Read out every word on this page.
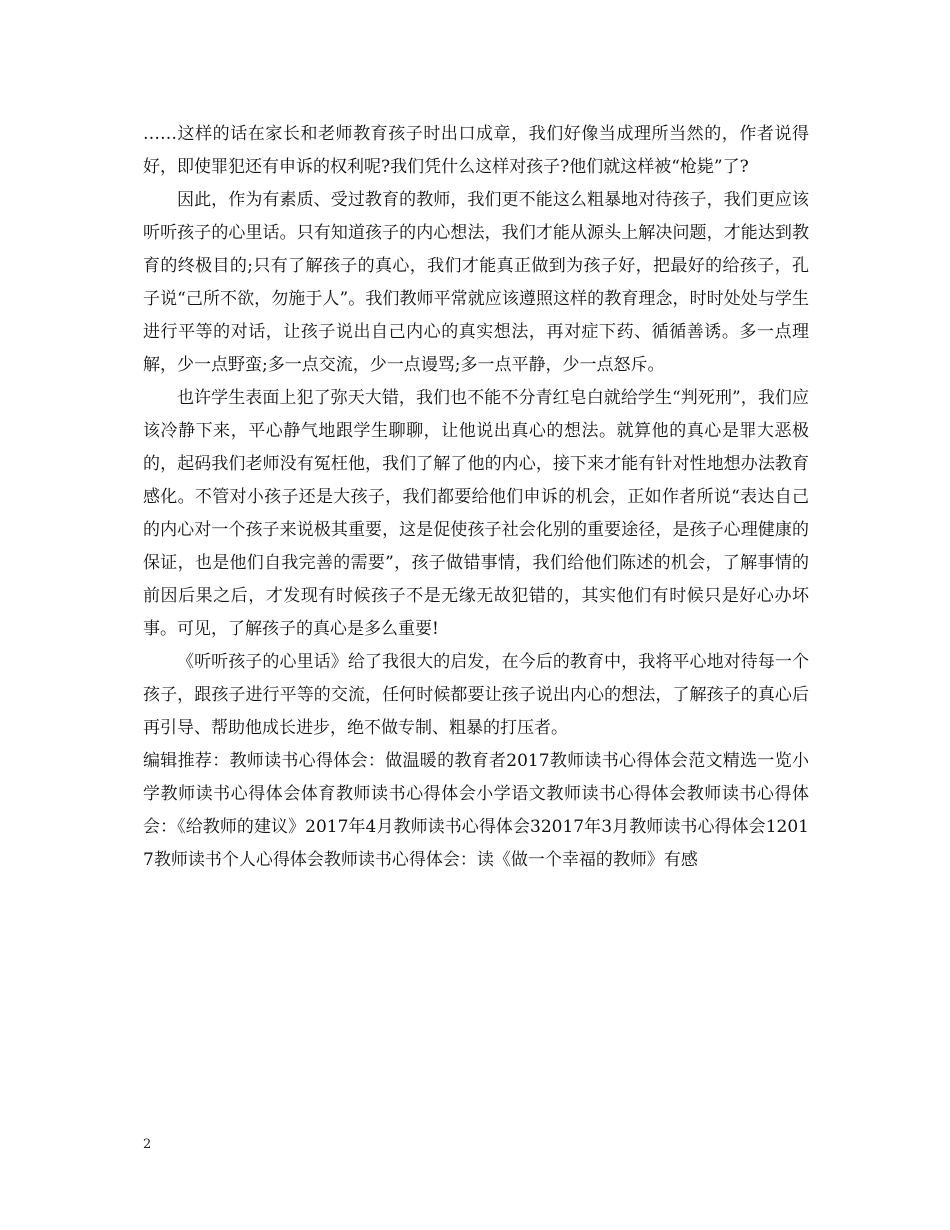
……这样的话在家长和老师教育孩子时出口成章，我们好像当成理所当然的，作者说得好，即使罪犯还有申诉的权利呢?我们凭什么这样对孩子?他们就这样被“枪毙”了?

因此，作为有素质、受过教育的教师，我们更不能这么粗暴地对待孩子，我们更应该听听孩子的心里话。只有知道孩子的内心想法，我们才能从源头上解决问题，才能达到教育的终极目的;只有了解孩子的真心，我们才能真正做到为孩子好，把最好的给孩子，孔子说“己所不欲，勿施于人”。我们教师平常就应该遵照这样的教育理念，时时处处与学生进行平等的对话，让孩子说出自己内心的真实想法，再对症下药、循循善诱。多一点理解，少一点野蛮;多一点交流，少一点谩骂;多一点平静，少一点怒斥。

也许学生表面上犯了弥天大错，我们也不能不分青红皂白就给学生“判死刑”，我们应该冷静下来，平心静气地跟学生聊聊，让他说出真心的想法。就算他的真心是罪大恶极的，起码我们老师没有冤枉他，我们了解了他的内心，接下来才能有针对性地想办法教育感化。不管对小孩子还是大孩子，我们都要给他们申诉的机会，正如作者所说“表达自己的内心对一个孩子来说极其重要，这是促使孩子社会化别的重要途径，是孩子心理健康的保证，也是他们自我完善的需要”，孩子做错事情，我们给他们陈述的机会，了解事情的前因后果之后，才发现有时候孩子不是无缘无故犯错的，其实他们有时候只是好心办坏事。可见，了解孩子的真心是多么重要!

《听听孩子的心里话》给了我很大的启发，在今后的教育中，我将平心地对待每一个孩子，跟孩子进行平等的交流，任何时候都要让孩子说出内心的想法，了解孩子的真心后再引导、帮助他成长进步，绝不做专制、粗暴的打压者。

编辑推荐：教师读书心得体会：做温暖的教育者2017教师读书心得体会范文精选一览小学教师读书心得体会体育教师读书心得体会小学语文教师读书心得体会教师读书心得体会：《给教师的建议》2017年4月教师读书心得体会32017年3月教师读书心得体会12017教师读书个人心得体会教师读书心得体会：读《做一个幸福的教师》有感

2
